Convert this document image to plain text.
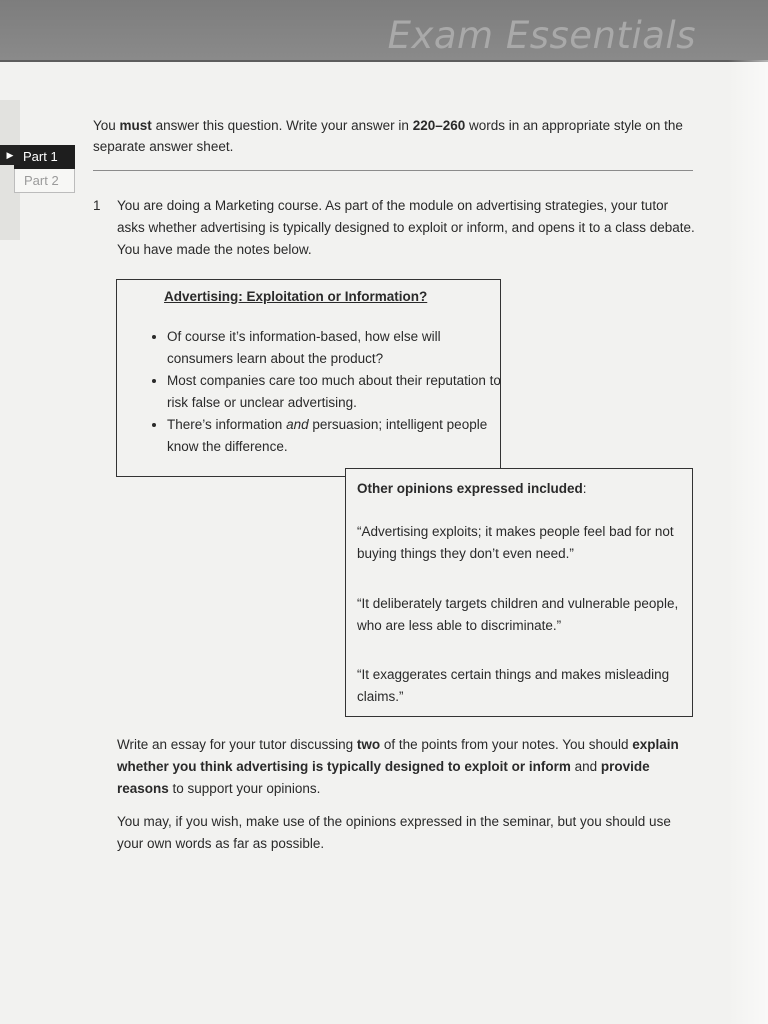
Exam Essentials
▶ Part 1
Part 2
You must answer this question. Write your answer in 220–260 words in an appropriate style on the separate answer sheet.
1 You are doing a Marketing course. As part of the module on advertising strategies, your tutor asks whether advertising is typically designed to exploit or inform, and opens it to a class debate. You have made the notes below.
Advertising: Exploitation or Information?
• Of course it’s information-based, how else will consumers learn about the product?
• Most companies care too much about their reputation to risk false or unclear advertising.
• There’s information and persuasion; intelligent people know the difference.
Other opinions expressed included:

“Advertising exploits; it makes people feel bad for not buying things they don’t even need.”

“It deliberately targets children and vulnerable people, who are less able to discriminate.”

“It exaggerates certain things and makes misleading claims.”

Write an essay for your tutor discussing two of the points from your notes. You should explain whether you think advertising is typically designed to exploit or inform and provide reasons to support your opinions.

You may, if you wish, make use of the opinions expressed in the seminar, but you should use your own words as far as possible.
